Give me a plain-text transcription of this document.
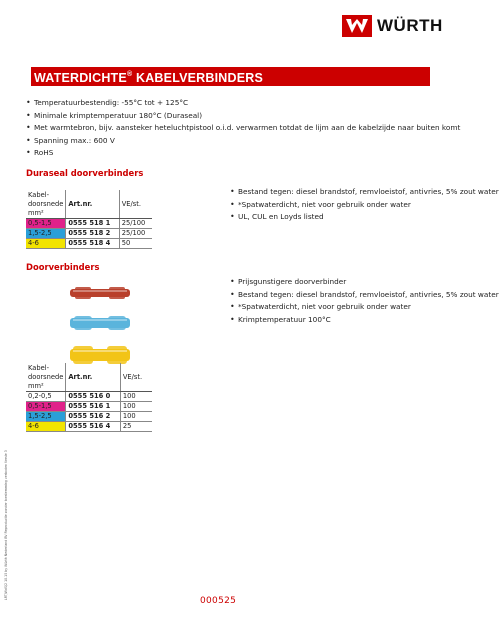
WÜRTH
WATERDICHTE® KABELVERBINDERS
• Temperatuurbestendig: -55°C tot + 125°C
• Minimale krimptemperatuur 180°C (Duraseal)
• Met warmtebron, bijv. aansteker heteluchtpistool o.i.d. verwarmen totdat de lijm aan de kabelzijde naar buiten komt
• Spanning max.: 600 V
• RoHS
Duraseal doorverbinders
Kabel-
doorsnede
mm²	Art.nr.	VE/st.
0,5-1,5	0555 518 1	25/100
1,5-2,5	0555 518 2	25/100
4-6	0555 518 4	50
• Bestand tegen: diesel brandstof, remvloeistof, antivries, 5% zout water
• *Spatwaterdicht, niet voor gebruik onder water
• UL, CUL en Loyds listed
Doorverbinders
• Prijsgunstigere doorverbinder
• Bestand tegen: diesel brandstof, remvloeistof, antivries, 5% zout water
• *Spatwaterdicht, niet voor gebruik onder water
• Krimptemperatuur 100°C
Kabel-
doorsnede
mm²	Art.nr.	VE/st.
0,2-0,5	0555 516 0	100
0,5-1,5	0555 516 1	100
1,5-2,5	0555 516 2	100
4-6	0555 516 4	25
LRT/WdS/2 10.15 by Würth Nederland BV Reproductie zonder toestemming verboden Versie 3
000525
